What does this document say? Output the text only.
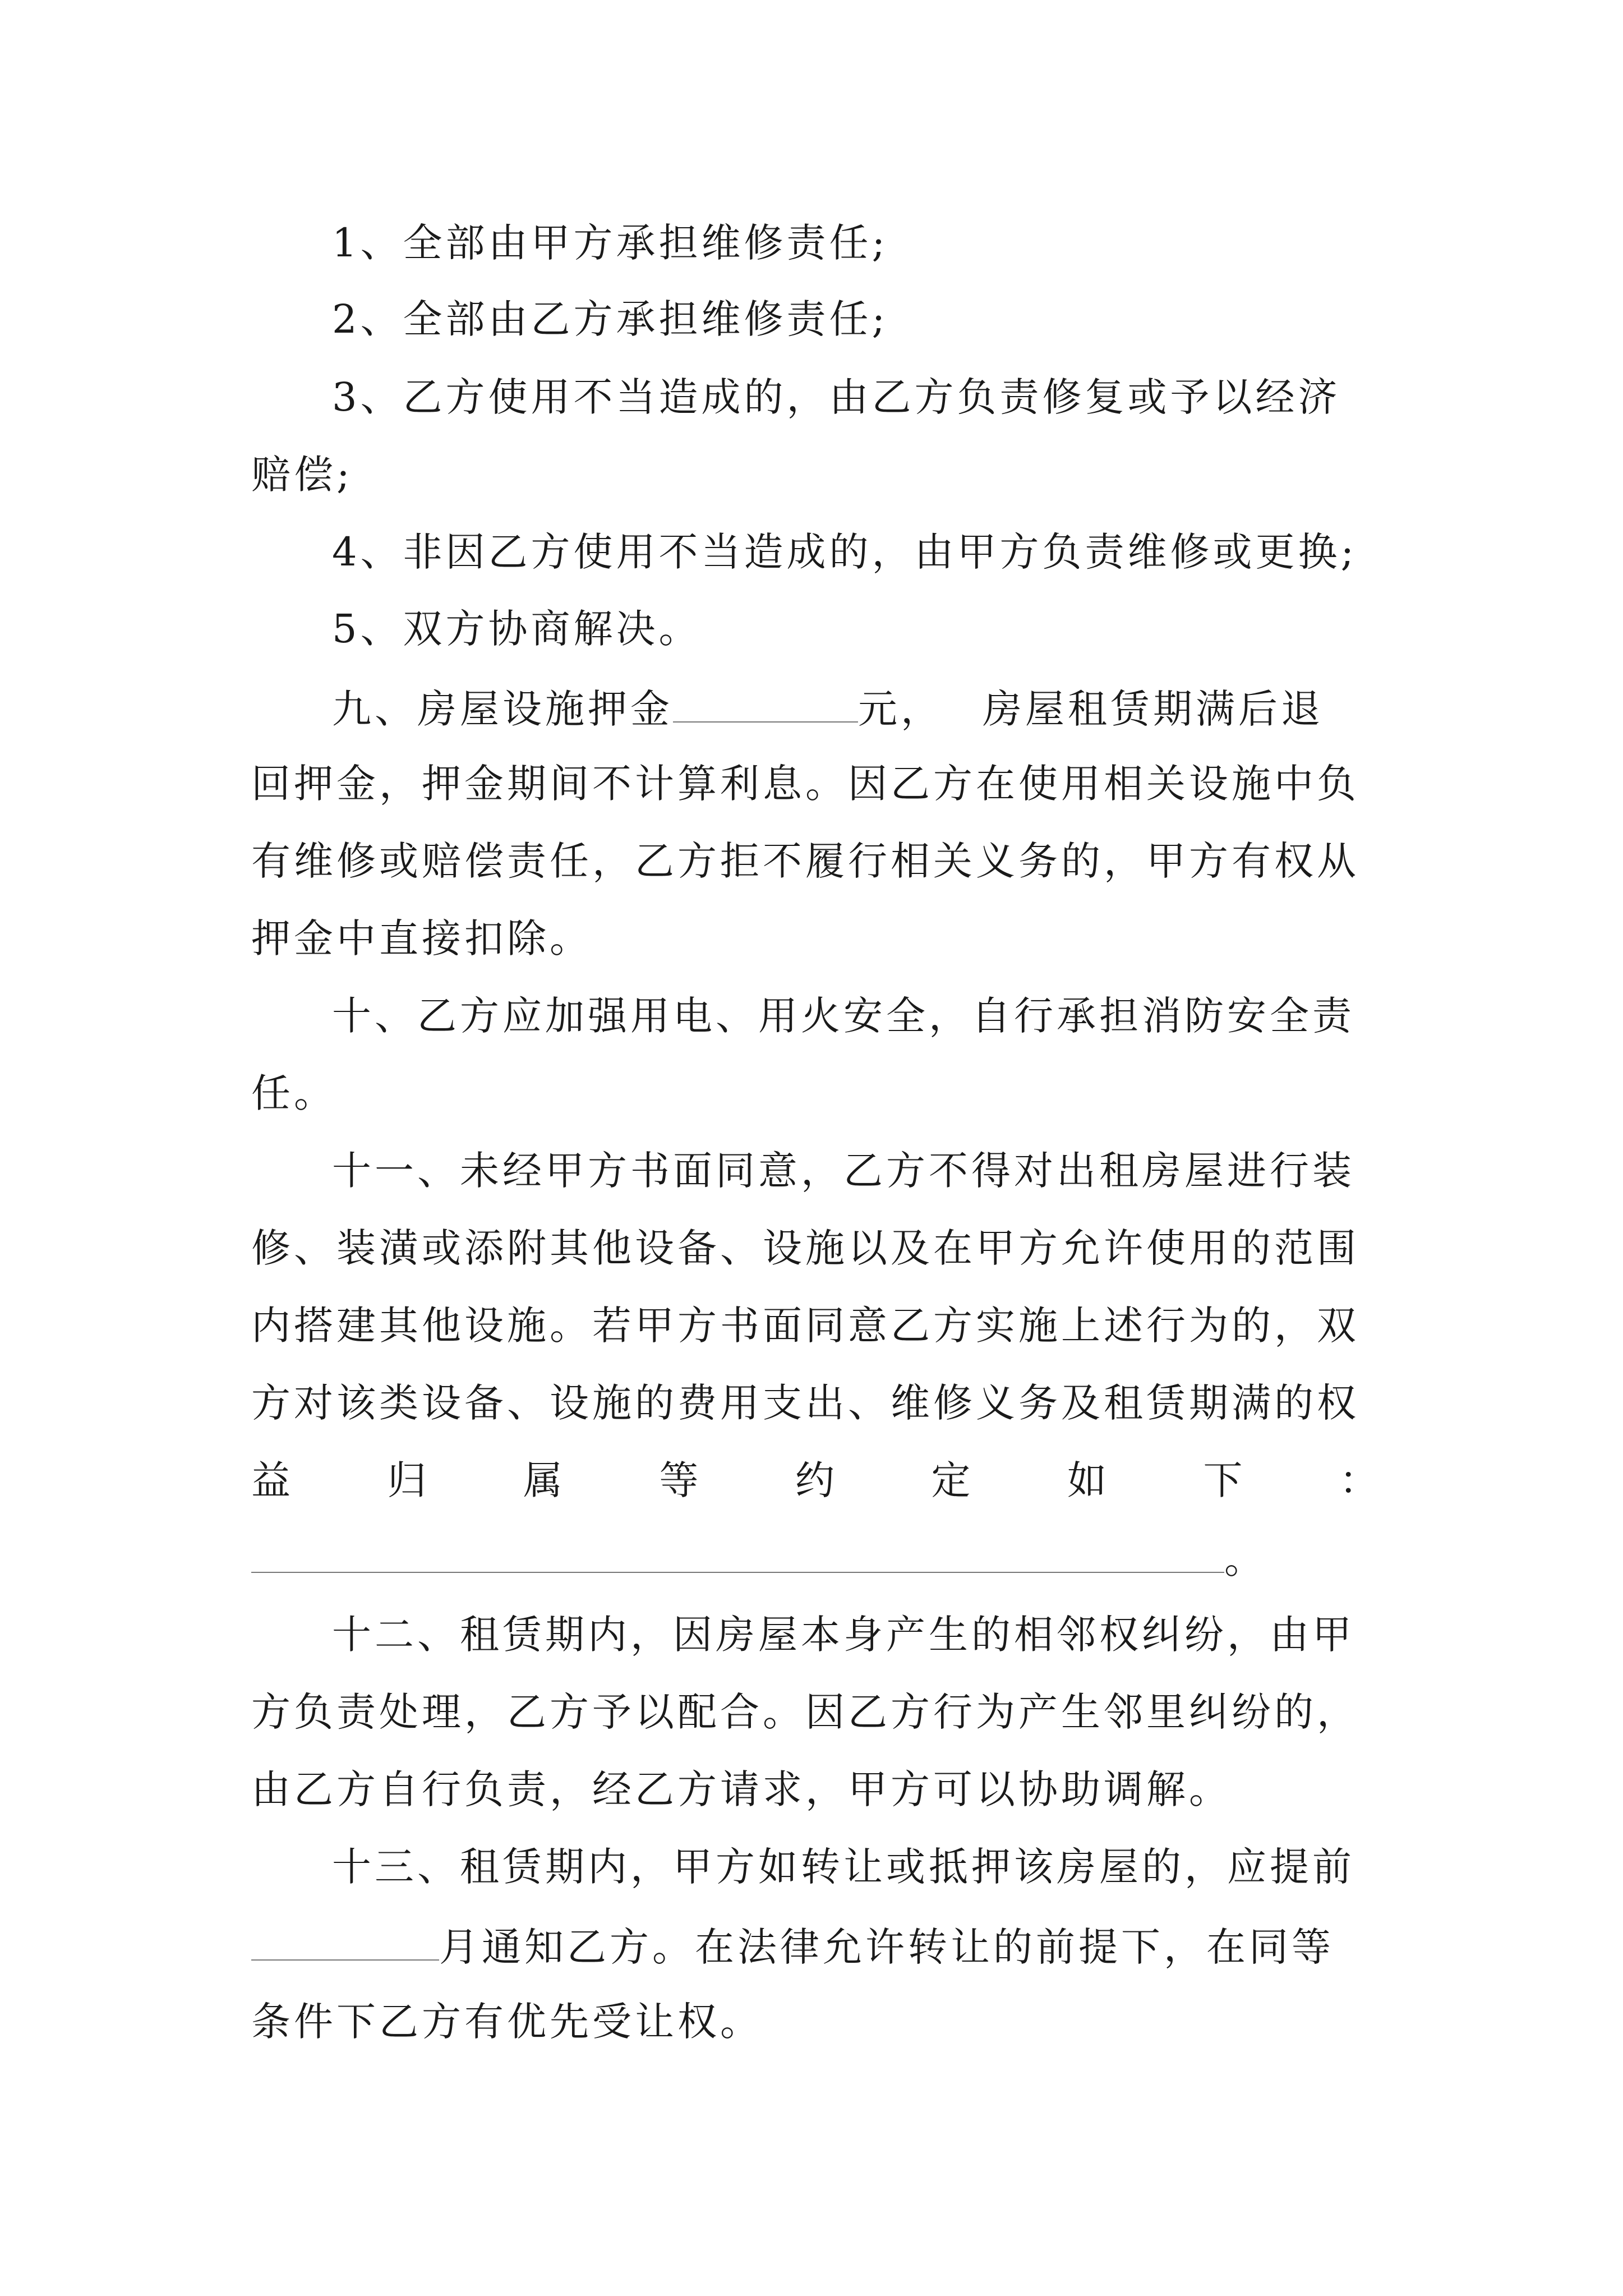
1、全部由甲方承担维修责任;
2、全部由乙方承担维修责任;
3、乙方使用不当造成的，由乙方负责修复或予以经济
赔偿;
4、非因乙方使用不当造成的，由甲方负责维修或更换;
5、双方协商解决。
九、房屋设施押金	元， 房屋租赁期满后退
回押金，押金期间不计算利息。因乙方在使用相关设施中负
有维修或赔偿责任，乙方拒不履行相关义务的，甲方有权从
押金中直接扣除。
十、乙方应加强用电、用火安全，自行承担消防安全责
任。
十一、未经甲方书面同意，乙方不得对出租房屋进行装
修、装潢或添附其他设备、设施以及在甲方允许使用的范围
内搭建其他设施。若甲方书面同意乙方实施上述行为的，双
方对该类设备、设施的费用支出、维修义务及租赁期满的权
益 归 属 等 约 定 如 下 ：
。
十二、租赁期内，因房屋本身产生的相邻权纠纷，由甲
方负责处理，乙方予以配合。因乙方行为产生邻里纠纷的，
由乙方自行负责，经乙方请求，甲方可以协助调解。
十三、租赁期内，甲方如转让或抵押该房屋的，应提前
月通知乙方。在法律允许转让的前提下，在同等
条件下乙方有优先受让权。
